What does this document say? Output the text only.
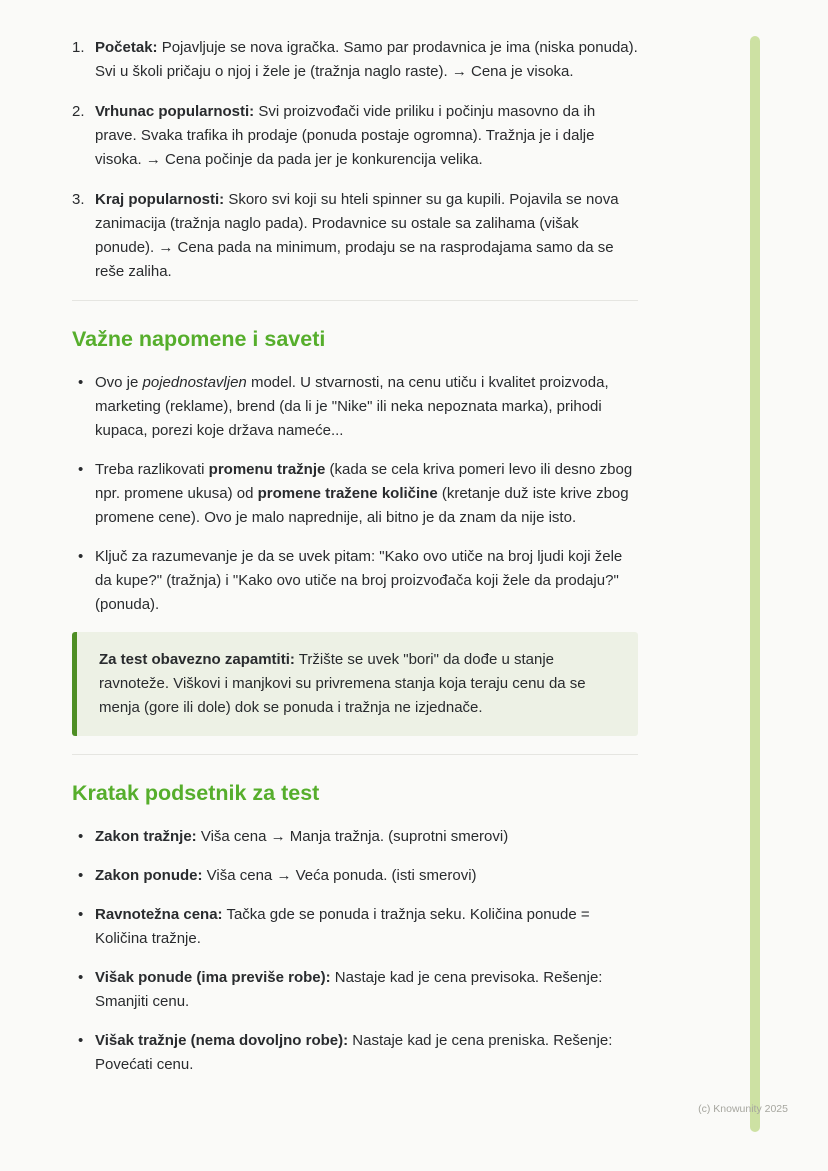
1. Početak: Pojavljuje se nova igračka. Samo par prodavnica je ima (niska ponuda). Svi u školi pričaju o njoj i žele je (tražnja naglo raste). → Cena je visoka.
2. Vrhunac popularnosti: Svi proizvođači vide priliku i počinju masovno da ih prave. Svaka trafika ih prodaje (ponuda postaje ogromna). Tražnja je i dalje visoka. → Cena počinje da pada jer je konkurencija velika.
3. Kraj popularnosti: Skoro svi koji su hteli spinner su ga kupili. Pojavila se nova zanimacija (tražnja naglo pada). Prodavnice su ostale sa zalihama (višak ponude). → Cena pada na minimum, prodaju se na rasprodajama samo da se reše zaliha.
Važne napomene i saveti
• Ovo je pojednostavljen model. U stvarnosti, na cenu utiču i kvalitet proizvoda, marketing (reklame), brend (da li je "Nike" ili neka nepoznata marka), prihodi kupaca, porezi koje država nameće...
• Treba razlikovati promenu tražnje (kada se cela kriva pomeri levo ili desno zbog npr. promene ukusa) od promene tražene količine (kretanje duž iste krive zbog promene cene). Ovo je malo naprednije, ali bitno je da znam da nije isto.
• Ključ za razumevanje je da se uvek pitam: "Kako ovo utiče na broj ljudi koji žele da kupe?" (tražnja) i "Kako ovo utiče na broj proizvođača koji žele da prodaju?" (ponuda).

Za test obavezno zapamtiti: Tržište se uvek "bori" da dođe u stanje ravnoteže. Viškovi i manjkovi su privremena stanja koja teraju cenu da se menja (gore ili dole) dok se ponuda i tražnja ne izjednače.

Kratak podsetnik za test
• Zakon tražnje: Viša cena → Manja tražnja. (suprotni smerovi)
• Zakon ponude: Viša cena → Veća ponuda. (isti smerovi)
• Ravnotežna cena: Tačka gde se ponuda i tražnja seku. Količina ponude = Količina tražnje.
• Višak ponude (ima previše robe): Nastaje kad je cena previsoka. Rešenje: Smanjiti cenu.
• Višak tražnje (nema dovoljno robe): Nastaje kad je cena preniska. Rešenje: Povećati cenu.
(c) Knowunity 2025
